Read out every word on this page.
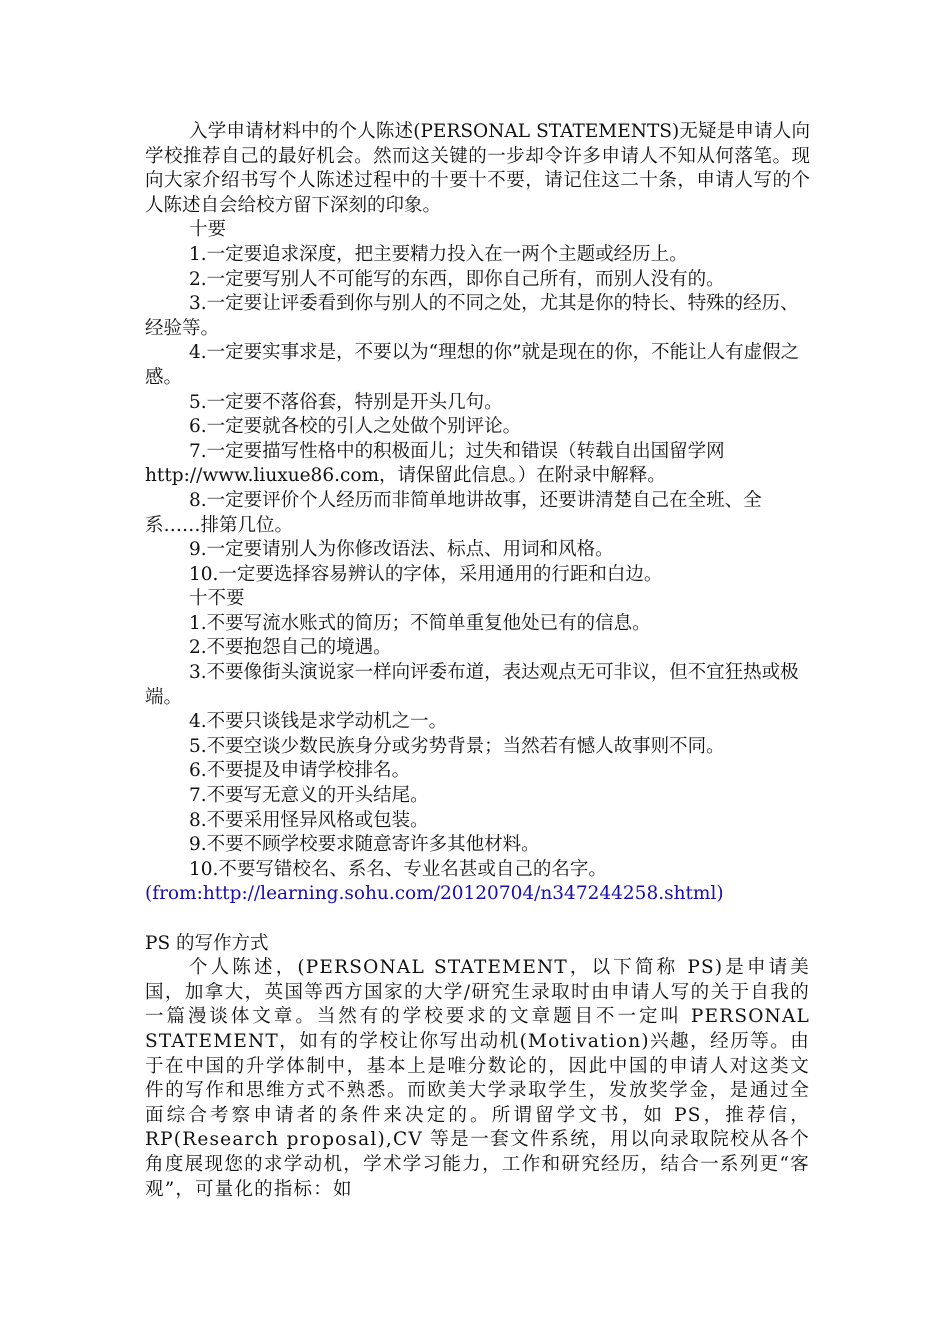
入学申请材料中的个人陈述(PERSONAL STATEMENTS)无疑是申请人向学校推荐自己的最好机会。然而这关键的一步却令许多申请人不知从何落笔。现向大家介绍书写个人陈述过程中的十要十不要，请记住这二十条，申请人写的个人陈述自会给校方留下深刻的印象。

十要

1.一定要追求深度，把主要精力投入在一两个主题或经历上。

2.一定要写别人不可能写的东西，即你自己所有，而别人没有的。

3.一定要让评委看到你与别人的不同之处，尤其是你的特长、特殊的经历、经验等。

4.一定要实事求是，不要以为“理想的你”就是现在的你，不能让人有虚假之感。

5.一定要不落俗套，特别是开头几句。

6.一定要就各校的引人之处做个别评论。

7.一定要描写性格中的积极面儿；过失和错误（转载自出国留学网 http://www.liuxue86.com，请保留此信息。）在附录中解释。

8.一定要评价个人经历而非简单地讲故事，还要讲清楚自己在全班、全系……排第几位。

9.一定要请别人为你修改语法、标点、用词和风格。

10.一定要选择容易辨认的字体，采用通用的行距和白边。

十不要

1.不要写流水账式的简历；不简单重复他处已有的信息。

2.不要抱怨自己的境遇。

3.不要像街头演说家一样向评委布道，表达观点无可非议，但不宜狂热或极端。

4.不要只谈钱是求学动机之一。

5.不要空谈少数民族身分或劣势背景；当然若有憾人故事则不同。

6.不要提及申请学校排名。

7.不要写无意义的开头结尾。

8.不要采用怪异风格或包装。

9.不要不顾学校要求随意寄许多其他材料。

10.不要写错校名、系名、专业名甚或自己的名字。

(from:http://learning.sohu.com/20120704/n347244258.shtml)

PS 的写作方式

个人陈述，(PERSONAL STATEMENT，以下简称 PS)是申请美国，加拿大，英国等西方国家的大学/研究生录取时由申请人写的关于自我的一篇漫谈体文章。当然有的学校要求的文章题目不一定叫 PERSONAL STATEMENT，如有的学校让你写出动机(Motivation)兴趣，经历等。由于在中国的升学体制中，基本上是唯分数论的，因此中国的申请人对这类文件的写作和思维方式不熟悉。而欧美大学录取学生，发放奖学金，是通过全面综合考察申请者的条件来决定的。所谓留学文书，如 PS，推荐信，RP(Research proposal),CV 等是一套文件系统，用以向录取院校从各个角度展现您的求学动机，学术学习能力，工作和研究经历，结合一系列更“客观”，可量化的指标：如
